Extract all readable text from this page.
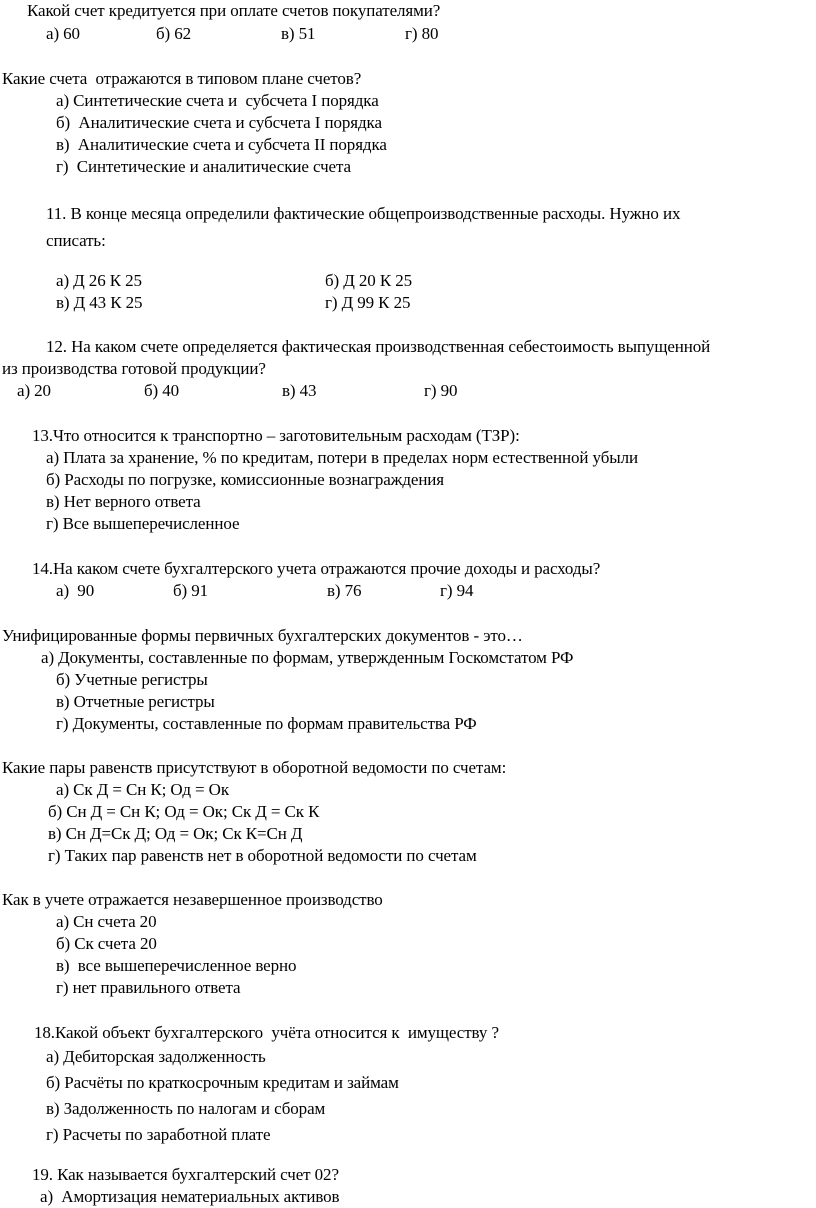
Какой счет кредитуется при оплате счетов покупателями?
а) 60	б) 62	в) 51	г) 80
Какие счета  отражаются в типовом плане счетов?
а) Синтетические счета и  субсчета I порядка
б)  Аналитические счета и субсчета I порядка
в)  Аналитические счета и субсчета II порядка
г)  Синтетические и аналитические счета
11. В конце месяца определили фактические общепроизводственные расходы. Нужно их
списать:
а) Д 26 К 25	б) Д 20 К 25
в) Д 43 К 25	г) Д 99 К 25
12. На каком счете определяется фактическая производственная себестоимость выпущенной
из производства готовой продукции?
а) 20	б) 40	в) 43	г) 90
13.Что относится к транспортно – заготовительным расходам (ТЗР):
а) Плата за хранение, % по кредитам, потери в пределах норм естественной убыли
б) Расходы по погрузке, комиссионные вознаграждения
в) Нет верного ответа
г) Все вышеперечисленное
14.На каком счете бухгалтерского учета отражаются прочие доходы и расходы?
а)  90	б) 91	в) 76	г) 94
Унифицированные формы первичных бухгалтерских документов - это…
а) Документы, составленные по формам, утвержденным Госкомстатом РФ
б) Учетные регистры
в) Отчетные регистры
г) Документы, составленные по формам правительства РФ
Какие пары равенств присутствуют в оборотной ведомости по счетам:
а) Ск Д = Сн К; Од = Ок
б) Сн Д = Сн К; Од = Ок; Ск Д = Ск К
в) Сн Д=Ск Д; Од = Ок; Ск К=Сн Д
г) Таких пар равенств нет в оборотной ведомости по счетам
Как в учете отражается незавершенное производство
а) Сн счета 20
б) Ск счета 20
в)  все вышеперечисленное верно
г) нет правильного ответа
18.Какой объект бухгалтерского  учёта относится к  имуществу ?
а) Дебиторская задолженность
б) Расчёты по краткосрочным кредитам и займам
в) Задолженность по налогам и сборам
г) Расчеты по заработной плате
19. Как называется бухгалтерский счет 02?
а)  Амортизация нематериальных активов
